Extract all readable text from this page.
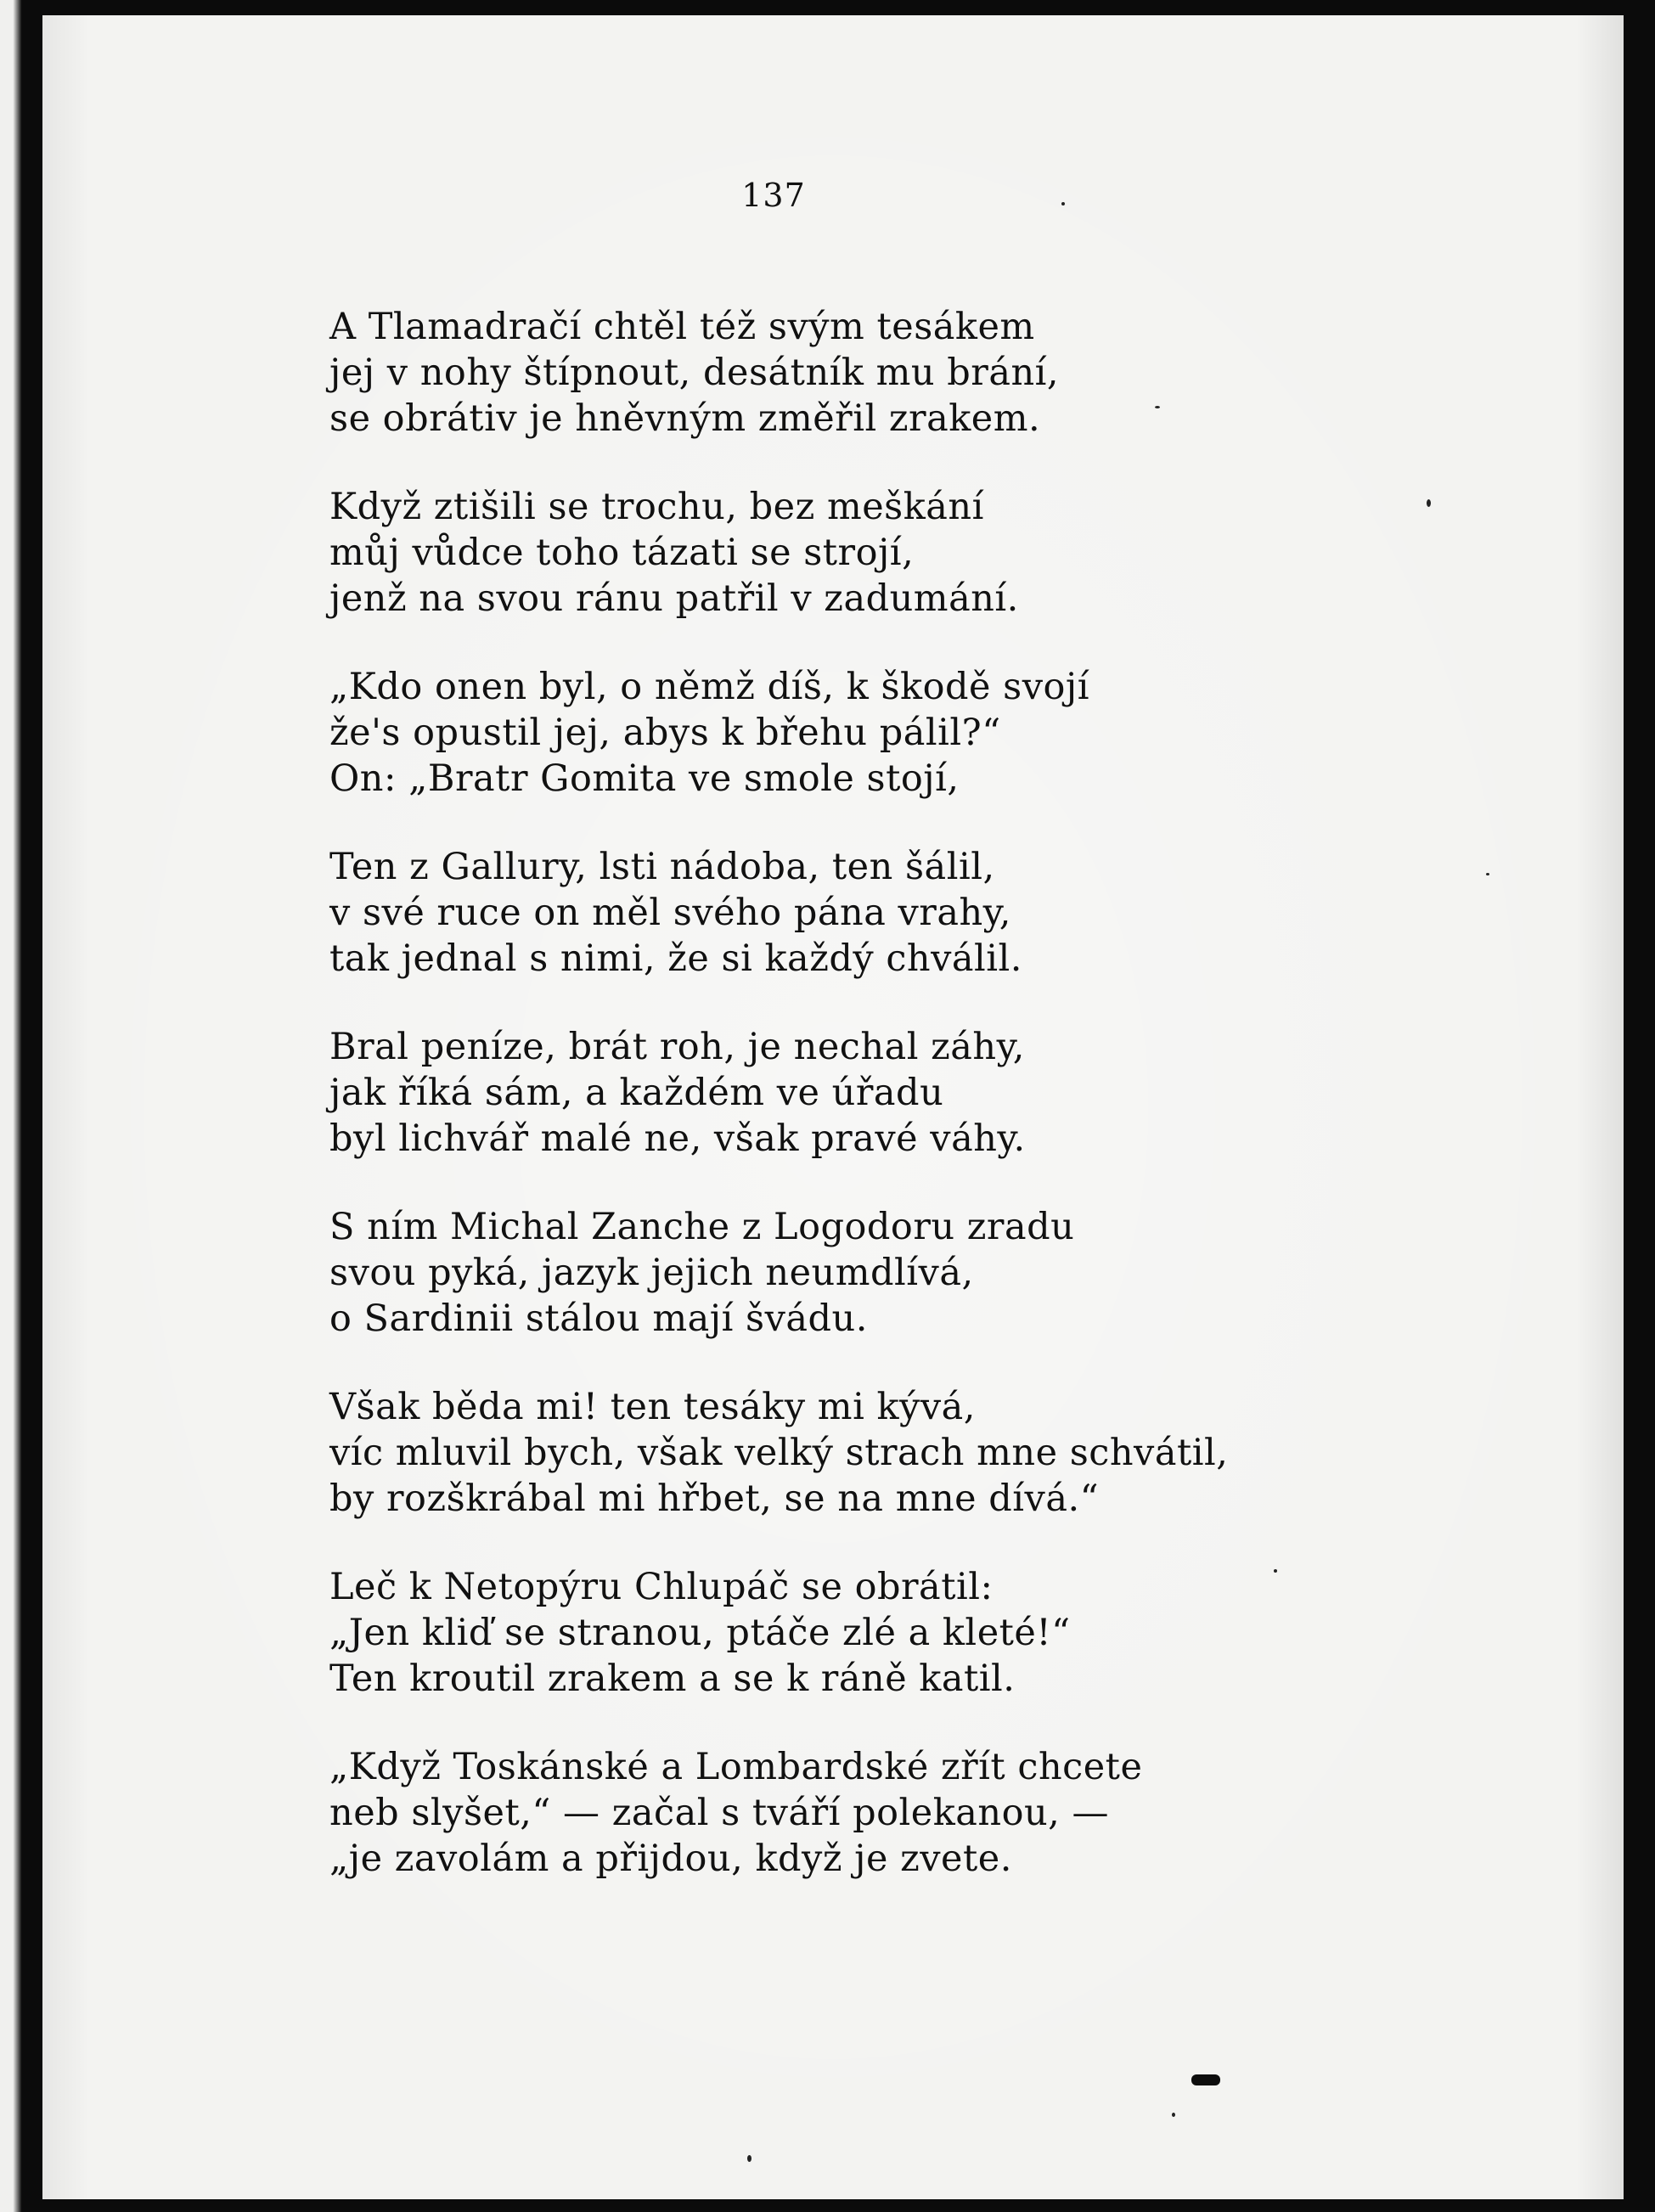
137
A Tlamadračí chtěl též svým tesákem
jej v nohy štípnout, desátník mu brání,
se obrátiv je hněvným změřil zrakem.
Když ztišili se trochu, bez meškání
můj vůdce toho tázati se strojí,
jenž na svou ránu patřil v zadumání.
„Kdo onen byl, o němž díš, k škodě svojí
že's opustil jej, abys k břehu pálil?“
On: „Bratr Gomita ve smole stojí,
Ten z Gallury, lsti nádoba, ten šálil,
v své ruce on měl svého pána vrahy,
tak jednal s nimi, že si každý chválil.
Bral peníze, brát roh, je nechal záhy,
jak říká sám, a každém ve úřadu
byl lichvář malé ne, však pravé váhy.
S ním Michal Zanche z Logodoru zradu
svou pyká, jazyk jejich neumdlívá,
o Sardinii stálou mají švádu.
Však běda mi! ten tesáky mi kývá,
víc mluvil bych, však velký strach mne schvátil,
by rozškrábal mi hřbet, se na mne dívá.“
Leč k Netopýru Chlupáč se obrátil:
„Jen kliď se stranou, ptáče zlé a kleté!“
Ten kroutil zrakem a se k ráně katil.
„Když Toskánské a Lombardské zřít chcete
neb slyšet,“ — začal s tváří polekanou, —
„je zavolám a přijdou, když je zvete.
